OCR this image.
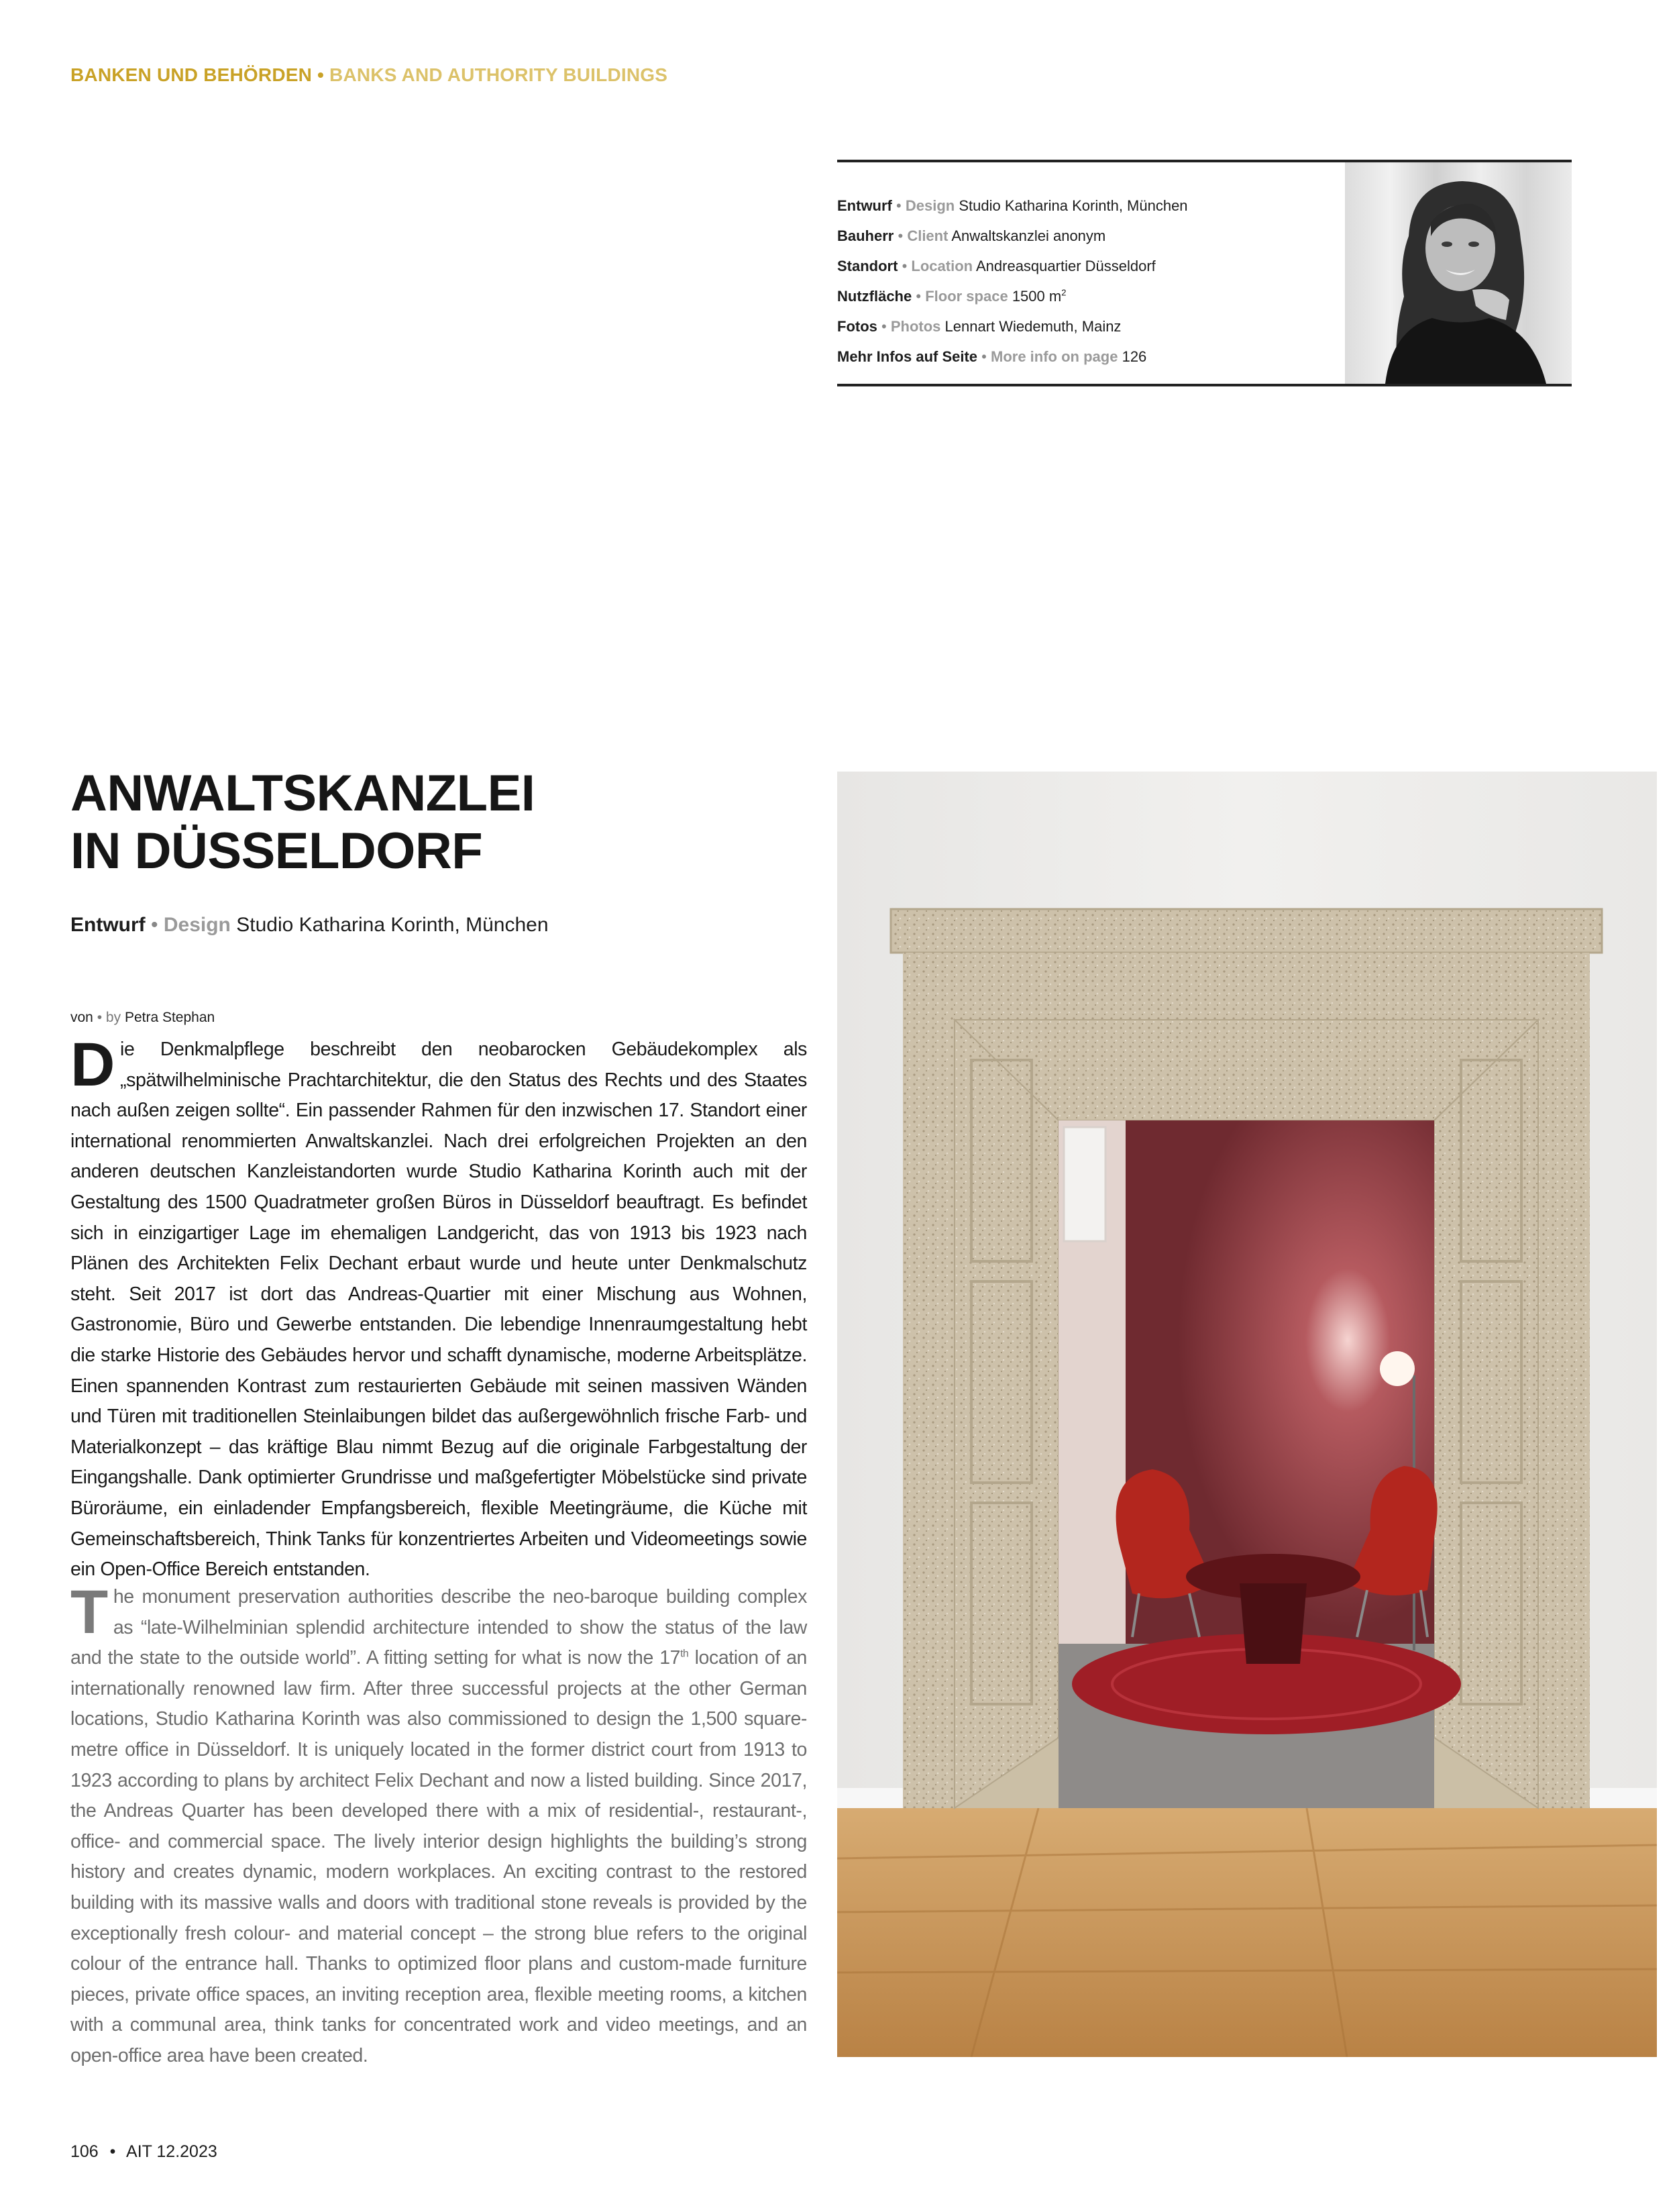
BANKEN UND BEHÖRDEN • BANKS AND AUTHORITY BUILDINGS
Entwurf • Design Studio Katharina Korinth, München
Bauherr • Client Anwaltskanzlei anonym
Standort • Location Andreasquartier Düsseldorf
Nutzfläche • Floor space 1500 $m^2$
Fotos • Photos Lennart Wiedemuth, Mainz
Mehr Infos auf Seite • More info on page 126
ANWALTSKANZLEI
IN DÜSSELDORF
Entwurf • Design Studio Katharina Korinth, München
von • by Petra Stephan

Die Denkmalpflege beschreibt den neobarocken Gebäudekomplex als „spätwilhelminische Prachtarchitektur, die den Status des Rechts und des Staates nach außen zeigen sollte“. Ein passender Rahmen für den inzwischen 17. Standort einer international renommierten Anwaltskanzlei. Nach drei erfolgreichen Projekten an den anderen deutschen Kanzleistandorten wurde Studio Katharina Korinth auch mit der Gestaltung des 1500 Quadratmeter großen Büros in Düsseldorf beauftragt. Es befindet sich in einzigartiger Lage im ehemaligen Landgericht, das von 1913 bis 1923 nach Plänen des Architekten Felix Dechant erbaut wurde und heute unter Denkmalschutz steht. Seit 2017 ist dort das Andreas-Quartier mit einer Mischung aus Wohnen, Gastronomie, Büro und Gewerbe entstanden. Die lebendige Innenraumgestaltung hebt die starke Historie des Gebäudes hervor und schafft dynamische, moderne Arbeitsplätze. Einen spannenden Kontrast zum restaurierten Gebäude mit seinen massiven Wänden und Türen mit traditionellen Steinlaibungen bildet das außergewöhnlich frische Farb- und Materialkonzept – das kräftige Blau nimmt Bezug auf die originale Farbgestaltung der Eingangshalle. Dank optimierter Grundrisse und maßgefertigter Möbelstücke sind private Büroräume, ein einladender Empfangsbereich, flexible Meetingräume, die Küche mit Gemeinschaftsbereich, Think Tanks für konzentriertes Arbeiten und Videomeetings sowie ein Open-Office Bereich entstanden.

The monument preservation authorities describe the neo-baroque building complex as “late-Wilhelminian splendid architecture intended to show the status of the law and the state to the outside world”. A fitting setting for what is now the 17th location of an internationally renowned law firm. After three successful projects at the other German locations, Studio Katharina Korinth was also commissioned to design the 1,500 square-metre office in Düsseldorf. It is uniquely located in the former district court from 1913 to 1923 according to plans by architect Felix Dechant and now a listed building. Since 2017, the Andreas Quarter has been developed there with a mix of residential-, restaurant-, office- and commercial space. The lively interior design highlights the building’s strong history and creates dynamic, modern workplaces. An exciting contrast to the restored building with its massive walls and doors with traditional stone reveals is provided by the exceptionally fresh colour- and material concept – the strong blue refers to the original colour of the entrance hall. Thanks to optimized floor plans and custom-made furniture pieces, private office spaces, an inviting reception area, flexible meeting rooms, a kitchen with a communal area, think tanks for concentrated work and video meetings, and an open-office area have been created.

106 • AIT 12.2023
